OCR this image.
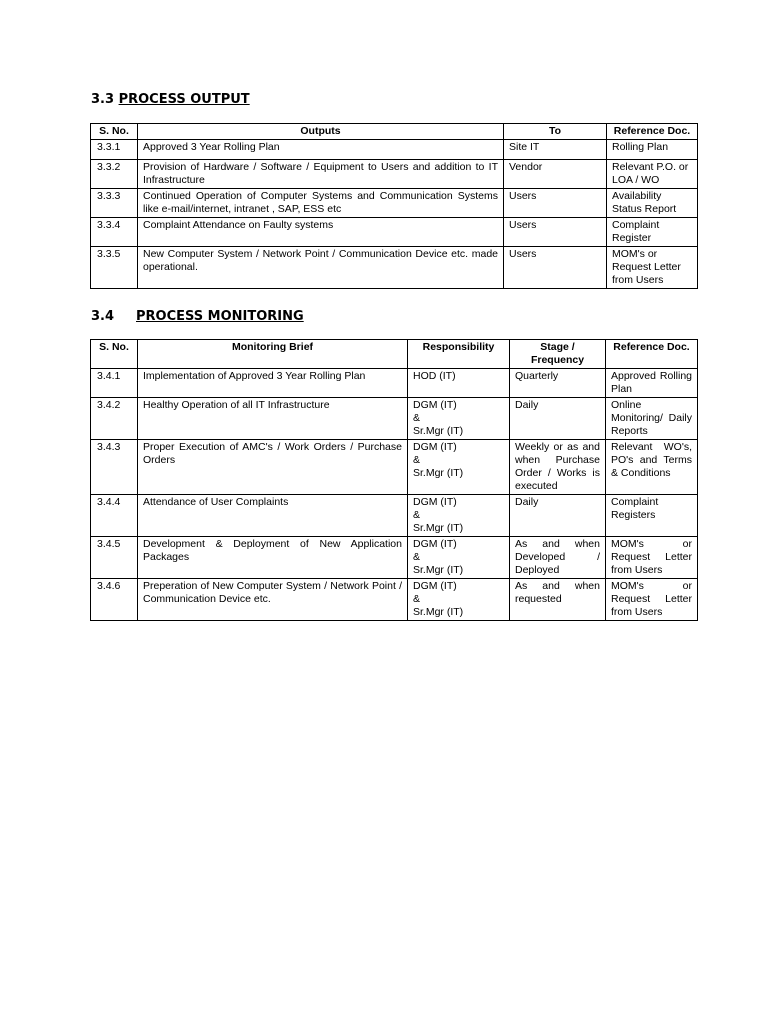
3.3 PROCESS OUTPUT
S. No.	Outputs	To	Reference Doc.
3.3.1	Approved 3 Year Rolling Plan	Site IT	Rolling Plan
3.3.2	Provision of Hardware / Software / Equipment to Users and addition to IT Infrastructure	Vendor	Relevant P.O. or LOA / WO
3.3.3	Continued Operation of Computer Systems and Communication Systems like e-mail/internet, intranet , SAP, ESS etc	Users	Availability Status Report
3.3.4	Complaint Attendance on Faulty systems	Users	Complaint Register
3.3.5	New Computer System / Network Point / Communication Device etc. made operational.	Users	MOM's or Request Letter from Users
3.4 PROCESS MONITORING
S. No.	Monitoring Brief	Responsibility	Stage / Frequency	Reference Doc.
3.4.1	Implementation of Approved 3 Year Rolling Plan	HOD (IT)	Quarterly	Approved Rolling Plan
3.4.2	Healthy Operation of all IT Infrastructure	DGM (IT)
&
Sr.Mgr (IT)	Daily	Online Monitoring/ Daily Reports
3.4.3	Proper Execution of AMC's / Work Orders / Purchase Orders	DGM (IT)
&
Sr.Mgr (IT)	Weekly or as and when Purchase Order / Works is executed	Relevant WO's, PO's and Terms & Conditions
3.4.4	Attendance of User Complaints	DGM (IT)
&
Sr.Mgr (IT)	Daily	Complaint Registers
3.4.5	Development & Deployment of New Application Packages	DGM (IT)
&
Sr.Mgr (IT)	As and when Developed / Deployed	MOM's or Request Letter from Users
3.4.6	Preperation of New Computer System / Network Point / Communication Device etc.	DGM (IT)
&
Sr.Mgr (IT)	As and when requested	MOM's or Request Letter from Users
